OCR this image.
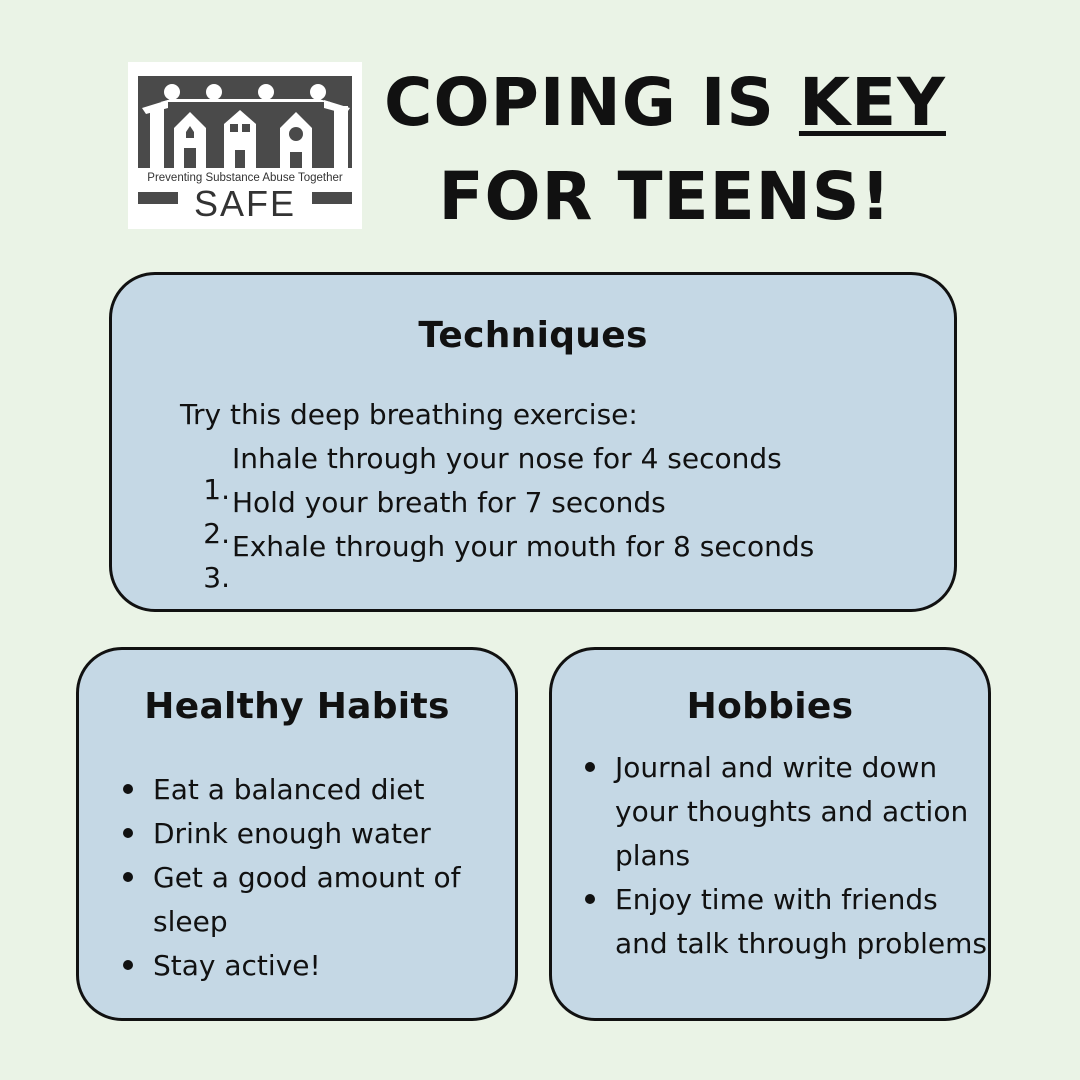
Preventing Substance Abuse Together
SAFE
COPING IS KEY
FOR TEENS!
Techniques
Try this deep breathing exercise:
1.
Inhale through your nose for 4 seconds
2.
Hold your breath for 7 seconds
3.
Exhale through your mouth for 8 seconds
Healthy Habits
Eat a balanced diet
Drink enough water
Get a good amount of sleep
Stay active!
Hobbies
Journal and write down your thoughts and action plans
Enjoy time with friends and talk through problems
